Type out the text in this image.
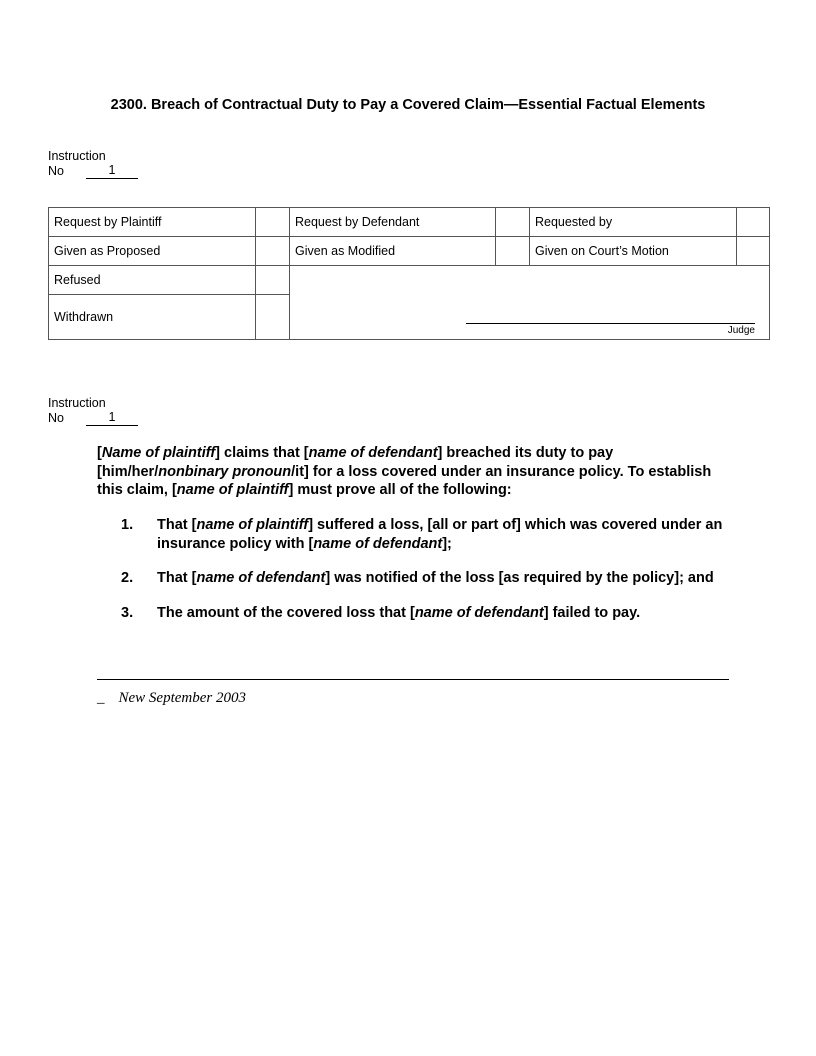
2300. Breach of Contractual Duty to Pay a Covered Claim—Essential Factual Elements
Instruction
No	1
Request by Plaintiff		Request by Defendant		Requested by	
Given as Proposed		Given as Modified		Given on Court’s Motion	
Refused		Judge			

Withdrawn					
Instruction
No	1
[Name of plaintiff] claims that [name of defendant] breached its duty to pay [him/her/nonbinary pronoun/it] for a loss covered under an insurance policy. To establish this claim, [name of plaintiff] must prove all of the following:
1.	That [name of plaintiff] suffered a loss, [all or part of] which was covered under an insurance policy with [name of defendant];
2.	That [name of defendant] was notified of the loss [as required by the policy]; and
3.	The amount of the covered loss that [name of defendant] failed to pay.
_ New September 2003
